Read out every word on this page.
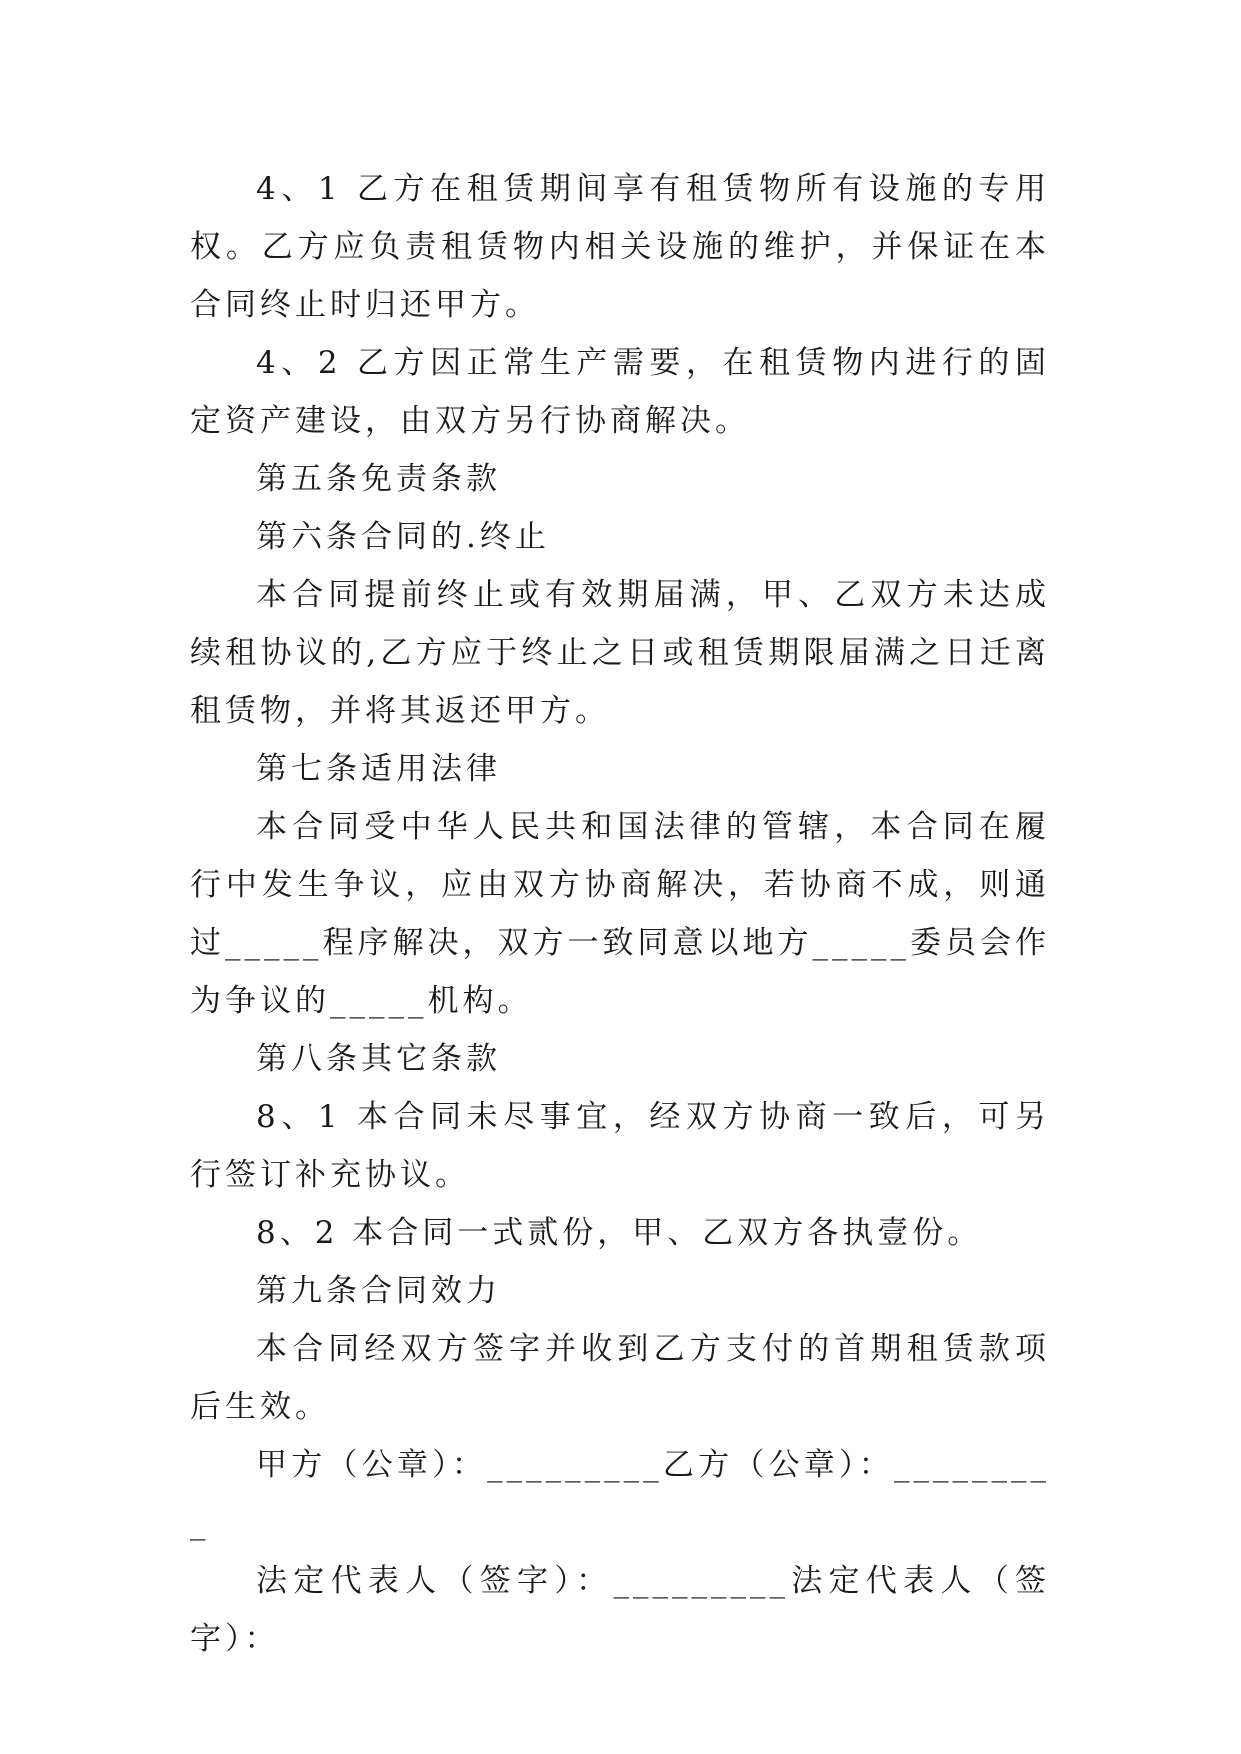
4、1 乙方在租赁期间享有租赁物所有设施的专用权。乙方应负责租赁物内相关设施的维护，并保证在本合同终止时归还甲方。

4、2 乙方因正常生产需要，在租赁物内进行的固定资产建设，由双方另行协商解决。

第五条免责条款

第六条合同的.终止

本合同提前终止或有效期届满，甲、乙双方未达成续租协议的,乙方应于终止之日或租赁期限届满之日迁离租赁物，并将其返还甲方。

第七条适用法律

本合同受中华人民共和国法律的管辖，本合同在履行中发生争议，应由双方协商解决，若协商不成，则通过_____程序解决，双方一致同意以地方_____委员会作为争议的_____机构。

第八条其它条款

8、1 本合同未尽事宜，经双方协商一致后，可另行签订补充协议。

8、2 本合同一式贰份，甲、乙双方各执壹份。

第九条合同效力

本合同经双方签字并收到乙方支付的首期租赁款项后生效。

甲方（公章）：_________乙方（公章）：_________

法定代表人（签字）：_________法定代表人（签字）：
